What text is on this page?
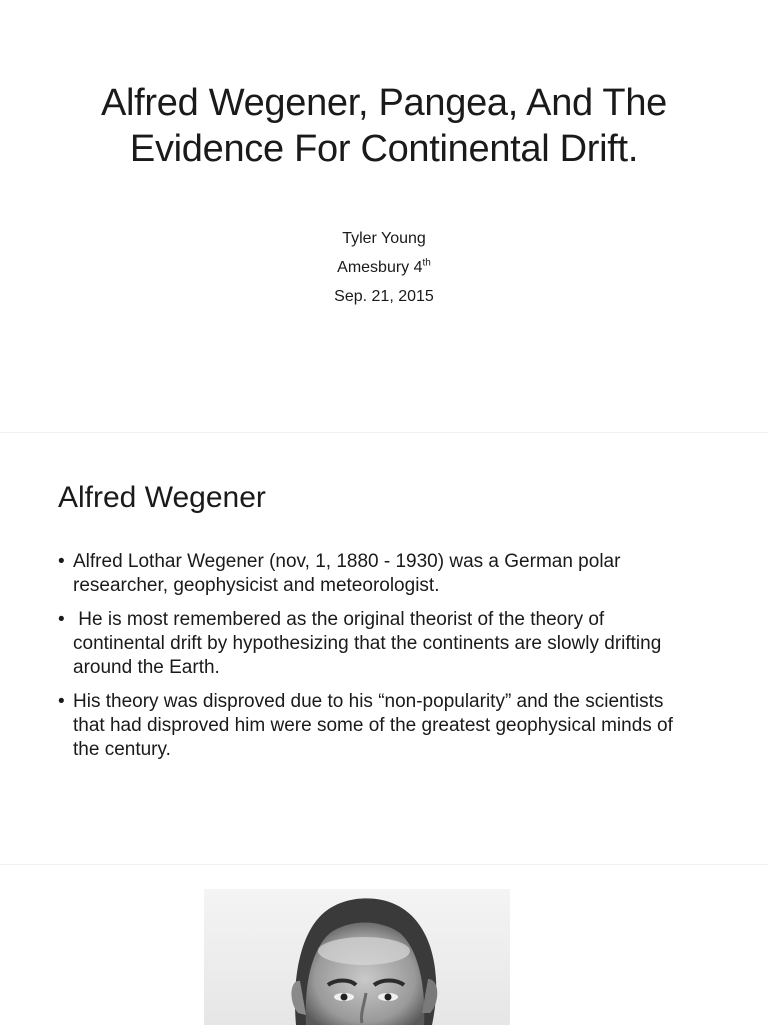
Alfred Wegener, Pangea, And The Evidence For Continental Drift.
Tyler Young
Amesbury 4th
Sep. 21, 2015
Alfred Wegener
• Alfred Lothar Wegener (nov, 1, 1880 - 1930) was a German polar researcher, geophysicist and meteorologist.
• He is most remembered as the original theorist of the theory of continental drift by hypothesizing that the continents are slowly drifting around the Earth.
• His theory was disproved due to his “non-popularity” and the scientists that had disproved him were some of the greatest geophysical minds of the century.
